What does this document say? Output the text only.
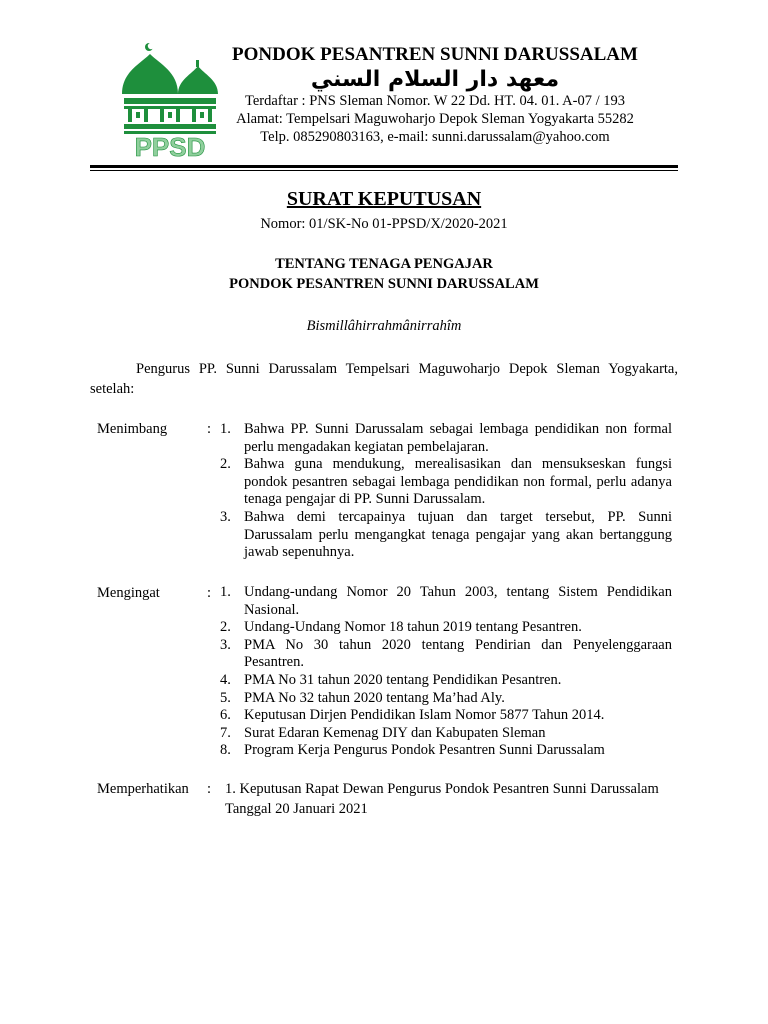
PPSD
PONDOK PESANTREN SUNNI DARUSSALAM
معهد دار السلام السني
Terdaftar : PNS Sleman Nomor. W 22 Dd. HT. 04. 01. A-07 / 193
Alamat: Tempelsari Maguwoharjo Depok Sleman Yogyakarta 55282
Telp. 085290803163, e-mail: sunni.darussalam@yahoo.com
SURAT KEPUTUSAN
Nomor: 01/SK-No 01-PPSD/X/2020-2021
TENTANG TENAGA PENGAJAR
PONDOK PESANTREN SUNNI DARUSSALAM
Bismillâhirrahmânirrahîm
Pengurus PP. Sunni Darussalam Tempelsari Maguwoharjo Depok Sleman Yogyakarta, setelah:
Menimbang	: 1. Bahwa PP. Sunni Darussalam sebagai lembaga pendidikan non formal perlu mengadakan kegiatan pembelajaran.
2. Bahwa guna mendukung, merealisasikan dan mensukseskan fungsi pondok pesantren sebagai lembaga pendidikan non formal, perlu adanya tenaga pengajar di PP. Sunni Darussalam.
3. Bahwa demi tercapainya tujuan dan target tersebut, PP. Sunni Darussalam perlu mengangkat tenaga pengajar yang akan bertanggung jawab sepenuhnya.
Mengingat	: 1. Undang-undang Nomor 20 Tahun 2003, tentang Sistem Pendidikan Nasional.
2. Undang-Undang Nomor 18 tahun 2019 tentang Pesantren.
3. PMA No 30 tahun 2020 tentang Pendirian dan Penyelenggaraan Pesantren.
4. PMA No 31 tahun 2020 tentang Pendidikan Pesantren.
5. PMA No 32 tahun 2020 tentang Ma’had Aly.
6. Keputusan Dirjen Pendidikan Islam Nomor 5877 Tahun 2014.
7. Surat Edaran Kemenag DIY dan Kabupaten Sleman
8. Program Kerja Pengurus Pondok Pesantren Sunni Darussalam
Memperhatikan : 1. Keputusan Rapat Dewan Pengurus Pondok Pesantren Sunni Darussalam
Tanggal 20 Januari 2021
